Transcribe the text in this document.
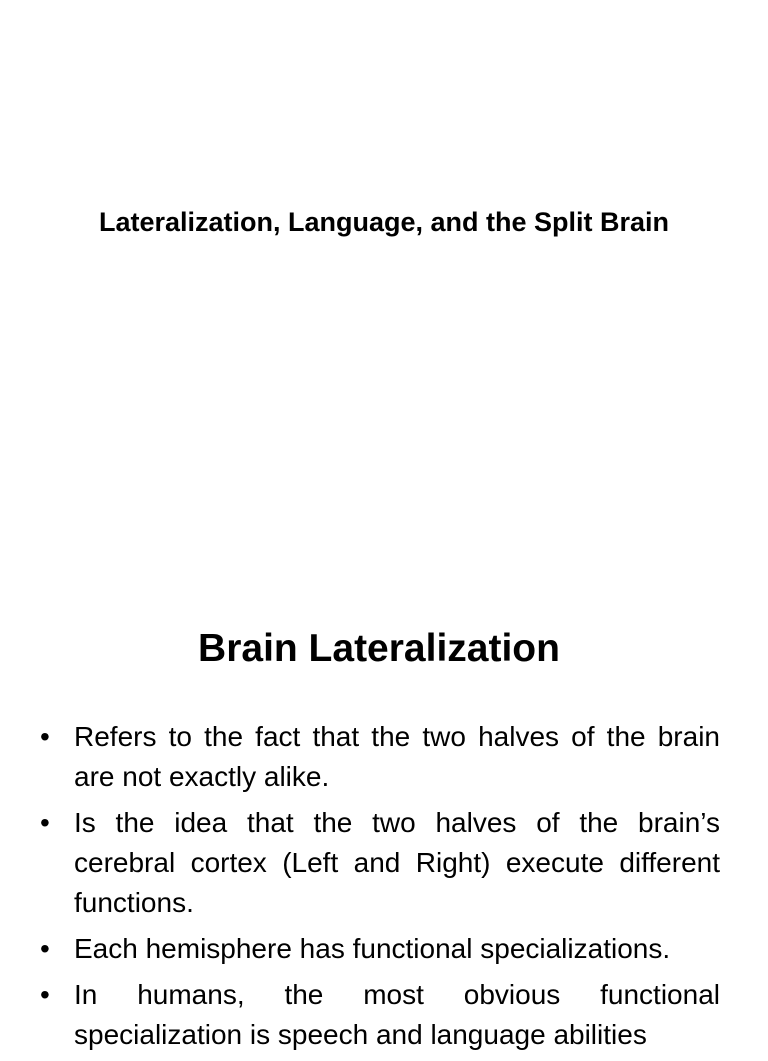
Lateralization, Language, and the Split Brain
Brain Lateralization
• Refers to the fact that the two halves of the brain are not exactly alike.
• Is the idea that the two halves of the brain’s cerebral cortex (Left and Right) execute different functions.
• Each hemisphere has functional specializations.
• In humans, the most obvious functional specialization is speech and language abilities
